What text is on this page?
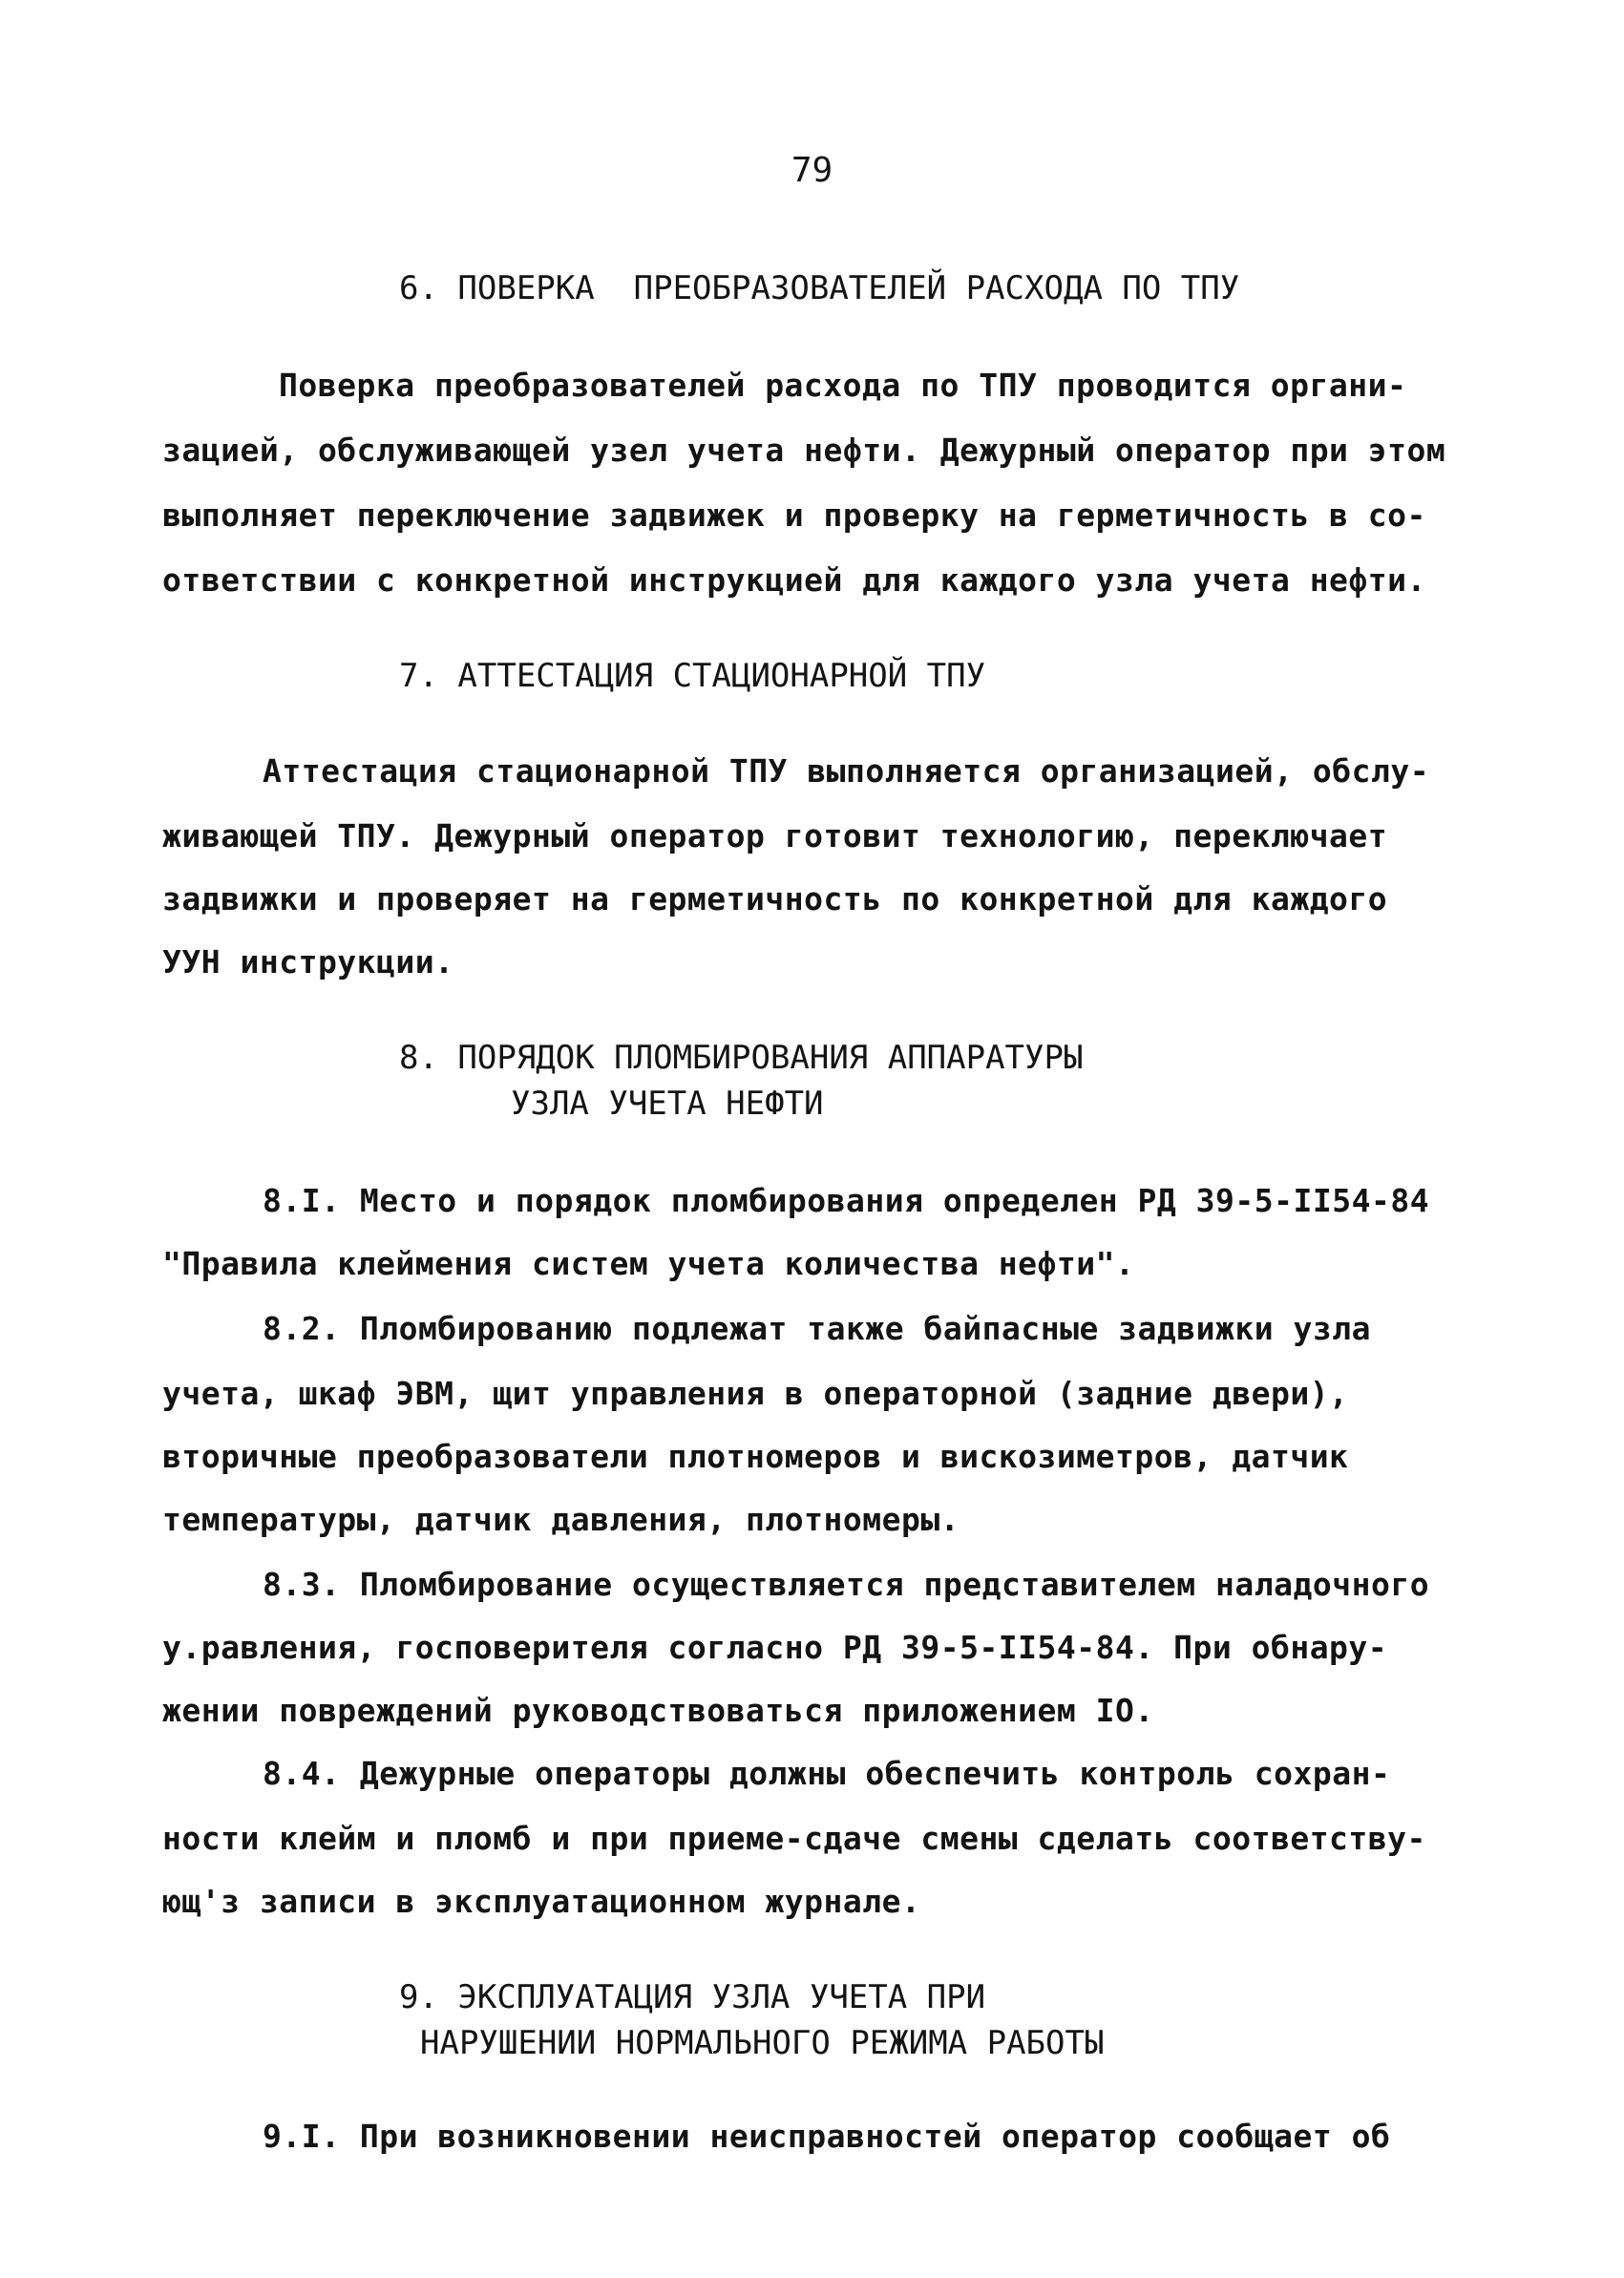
79
6. ПОВЕРКА  ПРЕОБРАЗОВАТЕЛЕЙ РАСХОДА ПО ТПУ
Поверка преобразователей расхода по ТПУ проводится органи-
зацией, обслуживающей узел учета нефти. Дежурный оператор при этом
выполняет переключение задвижек и проверку на герметичность в со-
ответствии с конкретной инструкцией для каждого узла учета нефти.
7. АТТЕСТАЦИЯ СТАЦИОНАРНОЙ ТПУ
Аттестация стационарной ТПУ выполняется организацией, обслу-
живающей ТПУ. Дежурный оператор готовит технологию, переключает
задвижки и проверяет на герметичность по конкретной для каждого
УУН инструкции.
8. ПОРЯДОК ПЛОМБИРОВАНИЯ АППАРАТУРЫ
УЗЛА УЧЕТА НЕФТИ
8.I. Место и порядок пломбирования определен РД 39-5-II54-84
"Правила клеймения систем учета количества нефти".
8.2. Пломбированию подлежат также байпасные задвижки узла
учета, шкаф ЭВМ, щит управления в операторной (задние двери),
вторичные преобразователи плотномеров и вискозиметров, датчик
температуры, датчик давления, плотномеры.
8.3. Пломбирование осуществляется представителем наладочного
у.равления, госповерителя согласно РД 39-5-II54-84. При обнару-
жении повреждений руководствоваться приложением IO.
8.4. Дежурные операторы должны обеспечить контроль сохран-
ности клейм и пломб и при приеме-сдаче смены сделать соответству-
ющ'з записи в эксплуатационном журнале.
9. ЭКСПЛУАТАЦИЯ УЗЛА УЧЕТА ПРИ
НАРУШЕНИИ НОРМАЛЬНОГО РЕЖИМА РАБОТЫ
9.I. При возникновении неисправностей оператор сообщает об
